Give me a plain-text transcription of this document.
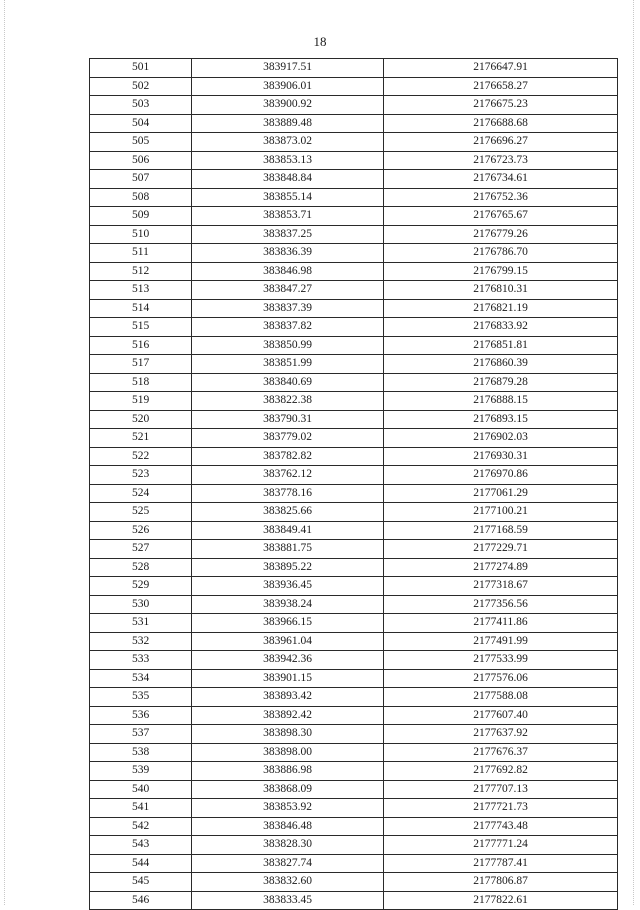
18
501	383917.51	2176647.91
502	383906.01	2176658.27
503	383900.92	2176675.23
504	383889.48	2176688.68
505	383873.02	2176696.27
506	383853.13	2176723.73
507	383848.84	2176734.61
508	383855.14	2176752.36
509	383853.71	2176765.67
510	383837.25	2176779.26
511	383836.39	2176786.70
512	383846.98	2176799.15
513	383847.27	2176810.31
514	383837.39	2176821.19
515	383837.82	2176833.92
516	383850.99	2176851.81
517	383851.99	2176860.39
518	383840.69	2176879.28
519	383822.38	2176888.15
520	383790.31	2176893.15
521	383779.02	2176902.03
522	383782.82	2176930.31
523	383762.12	2176970.86
524	383778.16	2177061.29
525	383825.66	2177100.21
526	383849.41	2177168.59
527	383881.75	2177229.71
528	383895.22	2177274.89
529	383936.45	2177318.67
530	383938.24	2177356.56
531	383966.15	2177411.86
532	383961.04	2177491.99
533	383942.36	2177533.99
534	383901.15	2177576.06
535	383893.42	2177588.08
536	383892.42	2177607.40
537	383898.30	2177637.92
538	383898.00	2177676.37
539	383886.98	2177692.82
540	383868.09	2177707.13
541	383853.92	2177721.73
542	383846.48	2177743.48
543	383828.30	2177771.24
544	383827.74	2177787.41
545	383832.60	2177806.87
546	383833.45	2177822.61
